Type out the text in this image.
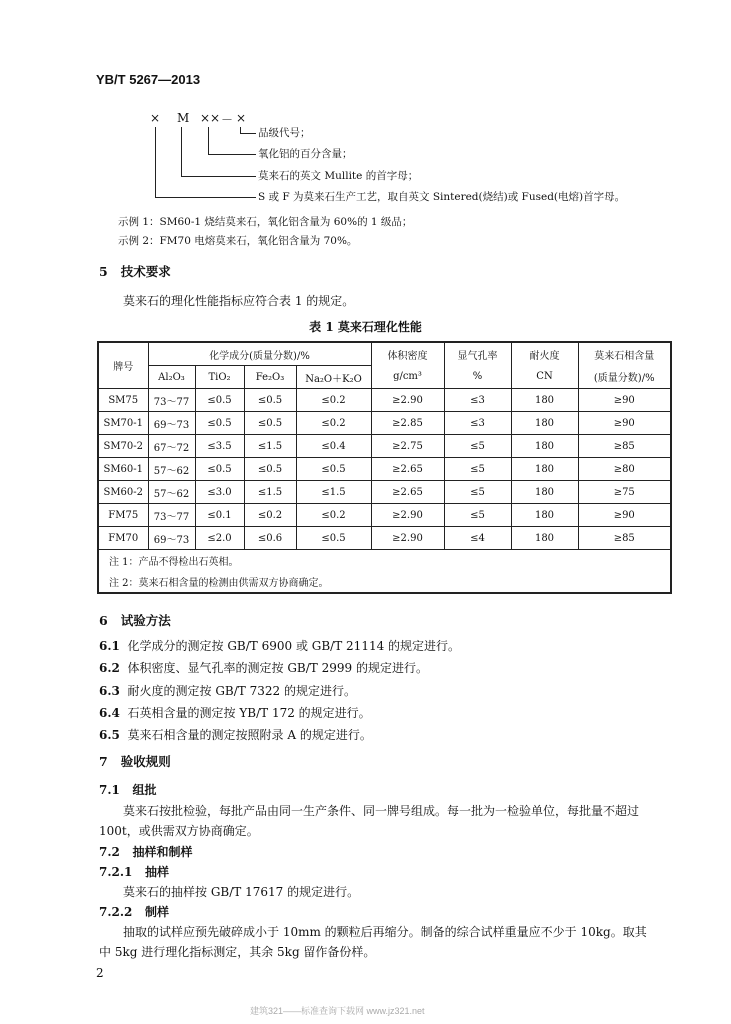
YB/T 5267—2013
× M ×× － ×
品级代号；
氧化铝的百分含量；
莫来石的英文 Mullite 的首字母；
S 或 F 为莫来石生产工艺，取自英文 Sintered(烧结)或 Fused(电熔)首字母。
示例 1：SM60-1 烧结莫来石，氧化铝含量为 60%的 1 级品；
示例 2：FM70 电熔莫来石，氧化铝含量为 70%。
5 技术要求
莫来石的理化性能指标应符合表 1 的规定。
表 1 莫来石理化性能
牌号	化学成分(质量分数)/%				体积密度	显气孔率	耐火度	莫来石相含量
	Al₂O₃	TiO₂	Fe₂O₃	Na₂O＋K₂O	g/cm³	%	CN	(质量分数)/%
SM75	73～77	≤0.5	≤0.5	≤0.2	≥2.90	≤3	180	≥90
SM70-1	69～73	≤0.5	≤0.5	≤0.2	≥2.85	≤3	180	≥90
SM70-2	67～72	≤3.5	≤1.5	≤0.4	≥2.75	≤5	180	≥85
SM60-1	57～62	≤0.5	≤0.5	≤0.5	≥2.65	≤5	180	≥80
SM60-2	57～62	≤3.0	≤1.5	≤1.5	≥2.65	≤5	180	≥75
FM75	73～77	≤0.1	≤0.2	≤0.2	≥2.90	≤5	180	≥90
FM70	69～73	≤2.0	≤0.6	≤0.5	≥2.90	≤4	180	≥85
注 1：产品不得检出石英相。								
注 2：莫来石相含量的检测由供需双方协商确定。								
6 试验方法
6.1 化学成分的测定按 GB/T 6900 或 GB/T 21114 的规定进行。
6.2 体积密度、显气孔率的测定按 GB/T 2999 的规定进行。
6.3 耐火度的测定按 GB/T 7322 的规定进行。
6.4 石英相含量的测定按 YB/T 172 的规定进行。
6.5 莫来石相含量的测定按照附录 A 的规定进行。
7 验收规则
7.1 组批
莫来石按批检验，每批产品由同一生产条件、同一牌号组成。每一批为一检验单位，每批量不超过
100t，或供需双方协商确定。
7.2 抽样和制样
7.2.1 抽样
莫来石的抽样按 GB/T 17617 的规定进行。
7.2.2 制样
抽取的试样应预先破碎成小于 10mm 的颗粒后再缩分。制备的综合试样重量应不少于 10kg。取其
中 5kg 进行理化指标测定，其余 5kg 留作备份样。
2
建筑321——标准查询下载网 www.jz321.net
